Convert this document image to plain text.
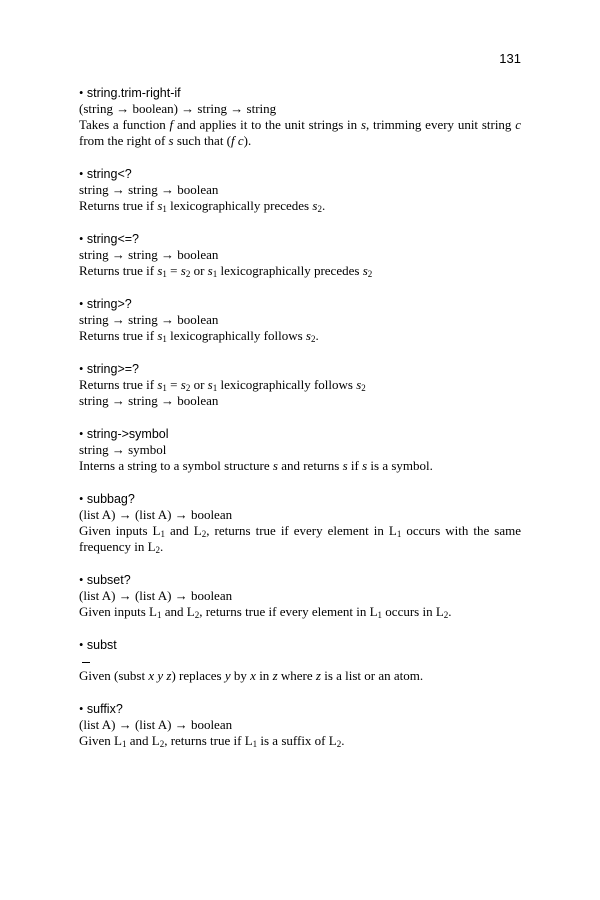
131
• string.trim-right-if
(string → boolean) → string → string
Takes a function f and applies it to the unit strings in s, trimming every unit string c from the right of s such that (f c).
• string<?
string → string → boolean
Returns true if $s_1$ lexicographically precedes $s_2$.
• string<=?
string → string → boolean
Returns true if $s_1 = s_2$ or $s_1$ lexicographically precedes $s_2$
• string>?
string → string → boolean
Returns true if $s_1$ lexicographically follows $s_2$.
• string>=?
Returns true if $s_1 = s_2$ or $s_1$ lexicographically follows $s_2$
string → string → boolean
• string->symbol
string → symbol
Interns a string to a symbol structure s and returns s if s is a symbol.
• subbag?
(list A) → (list A) → boolean
Given inputs $L_1$ and $L_2$, returns true if every element in $L_1$ occurs with the same frequency in $L_2$.
• subset?
(list A) → (list A) → boolean
Given inputs $L_1$ and $L_2$, returns true if every element in $L_1$ occurs in $L_2$.
• subst
Given (subst x y z) replaces y by x in z where z is a list or an atom.
• suffix?
(list A) → (list A) → boolean
Given $L_1$ and $L_2$, returns true if $L_1$ is a suffix of $L_2$.
